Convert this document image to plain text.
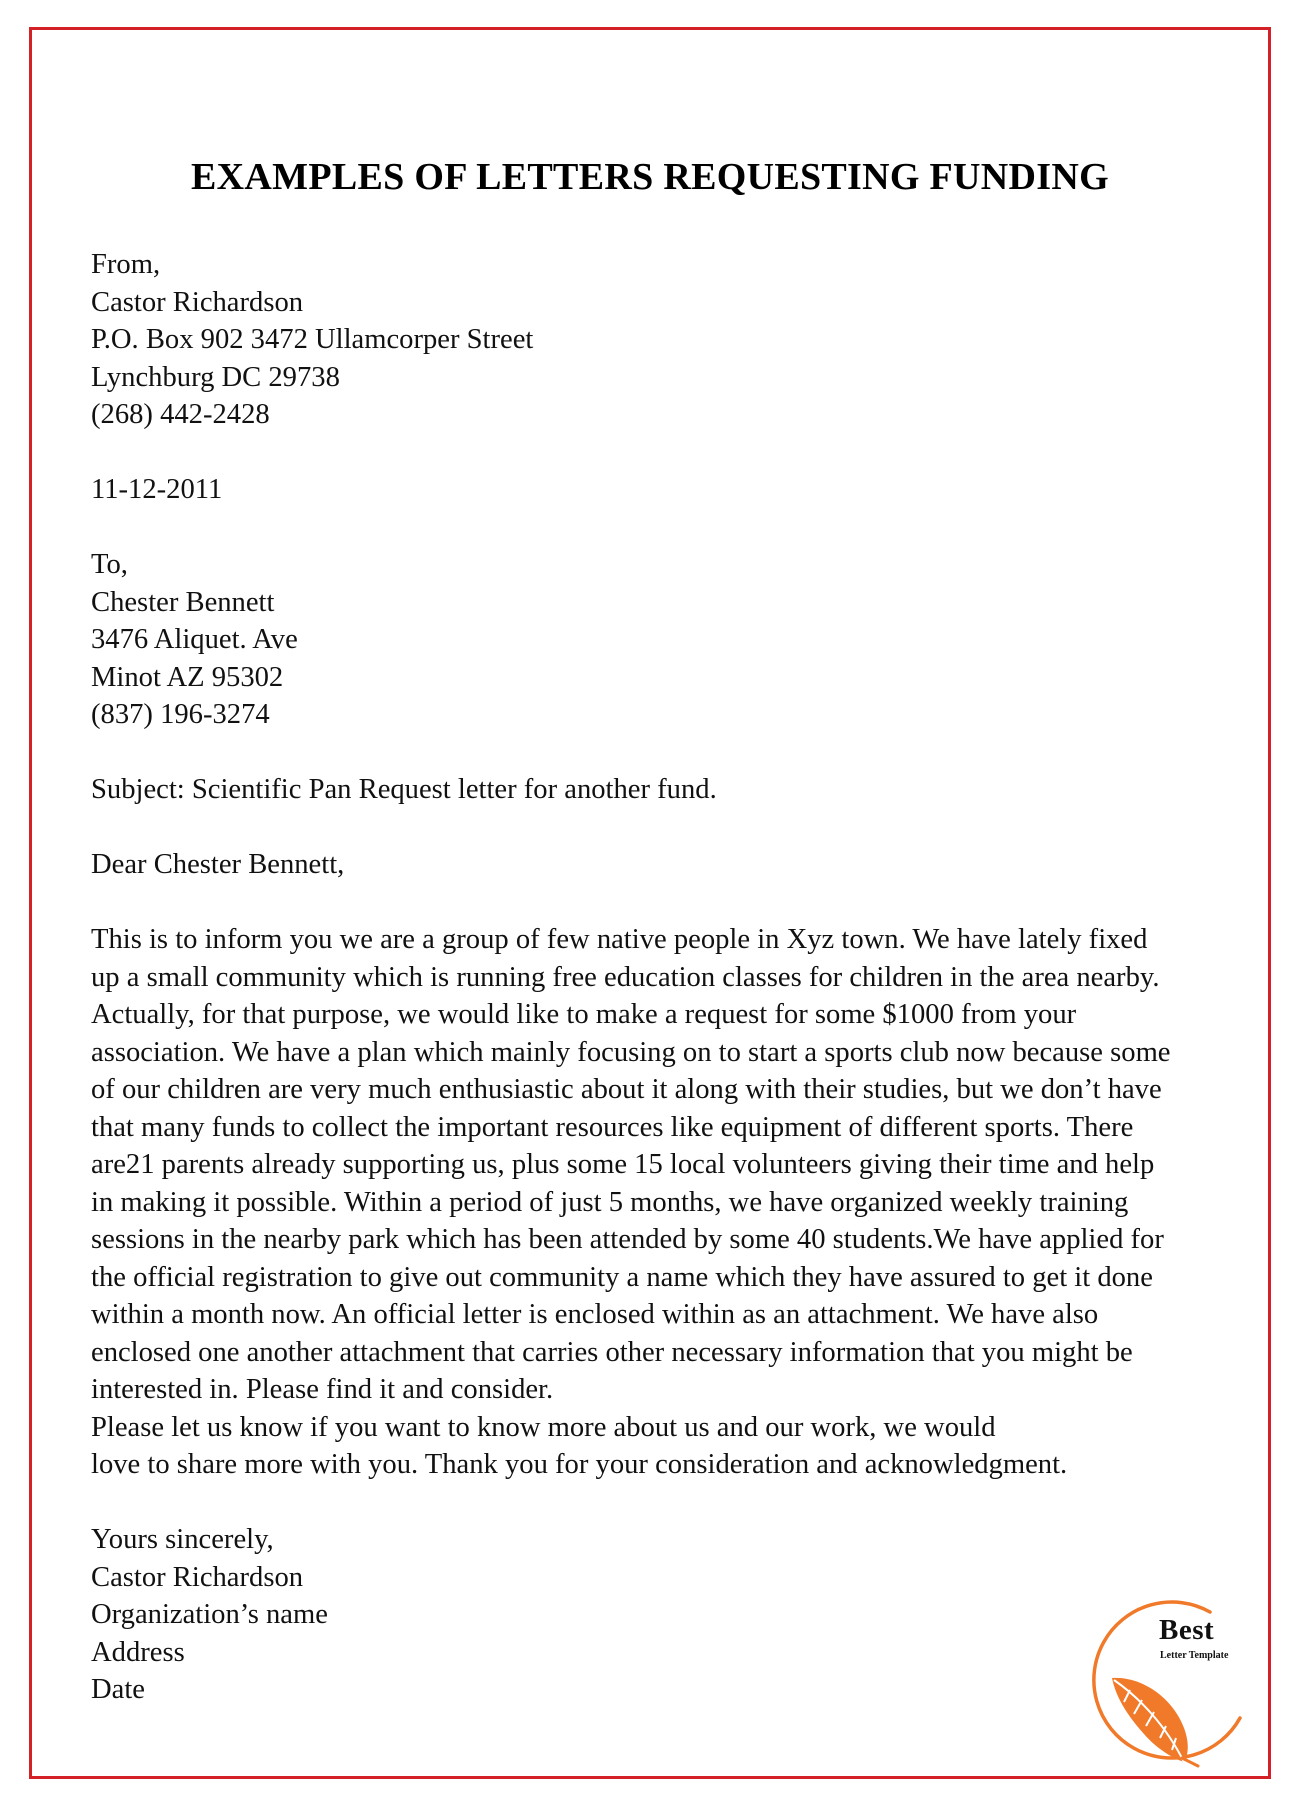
EXAMPLES OF LETTERS REQUESTING FUNDING
From,
Castor Richardson
P.O. Box 902 3472 Ullamcorper Street
Lynchburg DC 29738
(268) 442-2428
11-12-2011
To,
Chester Bennett
3476 Aliquet. Ave
Minot AZ 95302
(837) 196-3274
Subject: Scientific Pan Request letter for another fund.
Dear Chester Bennett,
This is to inform you we are a group of few native people in Xyz town. We have lately fixed
up a small community which is running free education classes for children in the area nearby.
Actually, for that purpose, we would like to make a request for some $1000 from your
association. We have a plan which mainly focusing on to start a sports club now because some
of our children are very much enthusiastic about it along with their studies, but we don’t have
that many funds to collect the important resources like equipment of different sports. There
are21 parents already supporting us, plus some 15 local volunteers giving their time and help
in making it possible. Within a period of just 5 months, we have organized weekly training
sessions in the nearby park which has been attended by some 40 students.We have applied for
the official registration to give out community a name which they have assured to get it done
within a month now. An official letter is enclosed within as an attachment. We have also
enclosed one another attachment that carries other necessary information that you might be
interested in. Please find it and consider.
Please let us know if you want to know more about us and our work, we would
love to share more with you. Thank you for your consideration and acknowledgment.
Yours sincerely,
Castor Richardson
Organization’s name
Address
Date
Best
Letter Template
